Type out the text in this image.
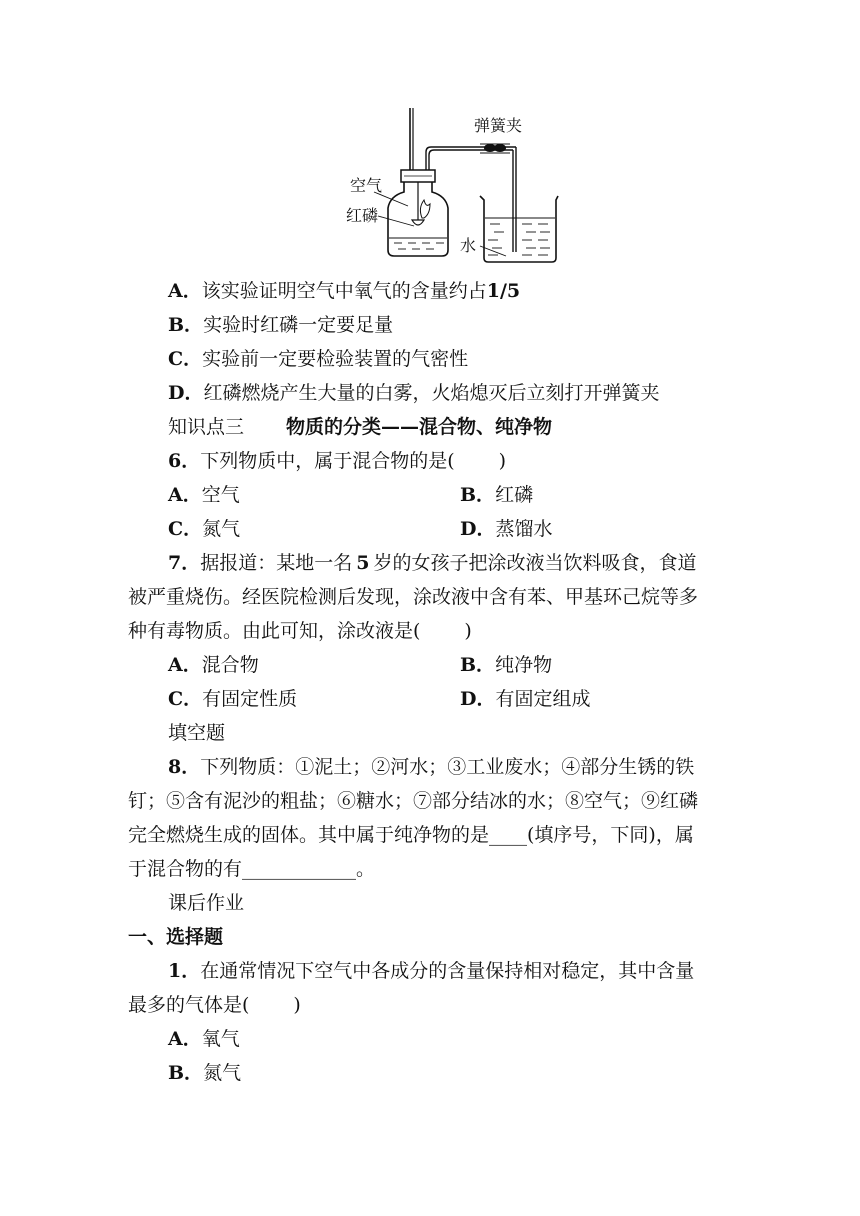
弹簧夹
空气
红磷
水
A．该实验证明空气中氧气的含量约占1/5
B．实验时红磷一定要足量
C．实验前一定要检验装置的气密性
D．红磷燃烧产生大量的白雾，火焰熄灭后立刻打开弹簧夹
知识点三 物质的分类——混合物、纯净物
6．下列物质中，属于混合物的是( )
A．空气	B．红磷
C．氮气	D．蒸馏水
7．据报道：某地一名 5 岁的女孩子把涂改液当饮料吸食，食道
被严重烧伤。经医院检测后发现，涂改液中含有苯、甲基环己烷等多
种有毒物质。由此可知，涂改液是( )
A．混合物	B．纯净物
C．有固定性质	D．有固定组成
填空题
8．下列物质：①泥土；②河水；③工业废水；④部分生锈的铁
钉；⑤含有泥沙的粗盐；⑥糖水；⑦部分结冰的水；⑧空气；⑨红磷
完全燃烧生成的固体。其中属于纯净物的是____(填序号，下同)，属
于混合物的有____________。
课后作业
一、选择题
1．在通常情况下空气中各成分的含量保持相对稳定，其中含量
最多的气体是( )
A．氧气
B．氮气
